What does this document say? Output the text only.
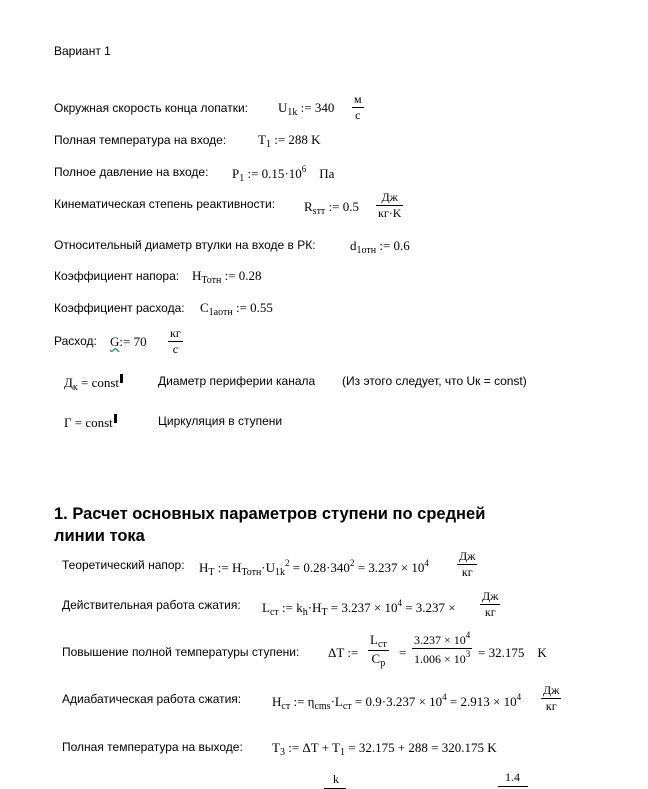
Вариант 1
Окружная скорость конца лопатки: $U_{1k}$ := 340
м
с
Полная температура на входе: $T_1$ := 288 K
Полное давление на входе: $P_1$ := $0.15\cdot 10^6$ Па
Кинематическая степень реактивности: $R_{sтт}$ := 0.5
Дж
кг·K
Относительный диаметр втулки на входе в РК:	$d_{1отн}$ := 0.6
Коэффициент напора: $H_{Тотн}$ := 0.28
Коэффициент расхода: $C_{1аотн}$ := 0.55
Расход: G:= 70
кг
с
$Д_к$ = const	Диаметр периферии канала (Из этого следует, что Uк = const)
Г = const	Циркуляция в ступени
1. Расчет основных параметров ступени по средней
линии тока
Теоретический напор: $H_T$ := $H_{Тотн}\cdot U_{1k}^2 = 0.28\cdot 340^2 = 3.237 \times 10^4$	Дж
кг
Действительная работа сжатия: $L_{ст}$ := $k_h\cdot H_T = 3.237 \times 10^4 = 3.237$ ×
Дж
кг
Повышение полной температуры ступени: ΔT :=
$L_{ст}$
$C_p$
= $\frac{3.237 \times 10^4}{1.006 \times 10^3} = 32.175$ K
Адиабатическая работа сжатия: $H_{ст}$ := $\eta_{cms}\cdot L_{ст} = 0.9\cdot 3.237 \times 10^4 = 2.913 \times 10^4$ Дж
кг
Полная температура на выходе: $T_3$ := $\Delta T + T_1 = 32.175 + 288 = 320.175$ K
k	1.4
